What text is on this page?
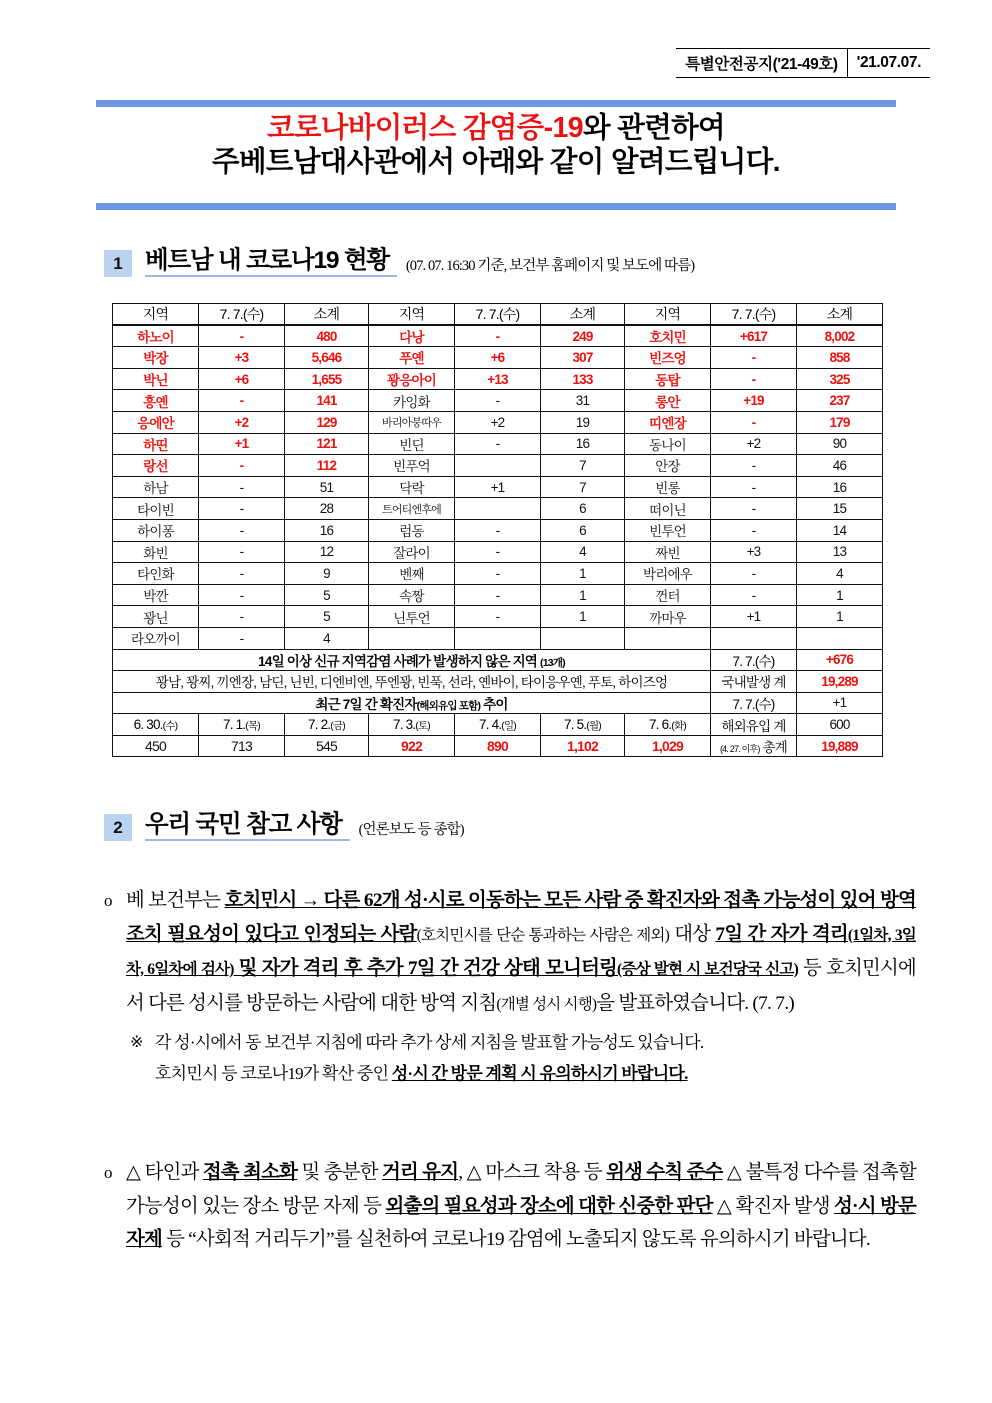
특별안전공지('21-49호)	'21.07.07.
코로나바이러스 감염증-19와 관련하여
주베트남대사관에서 아래와 같이 알려드립니다.
1 베트남 내 코로나19 현황	(07. 07. 16:30 기준, 보건부 홈페이지 및 보도에 따름)
지역	7. 7.(수)	소계	지역	7. 7.(수)	소계	지역	7. 7.(수)	소계
하노이	-	480	다낭	-	249	호치민	+617	8,002
박장	+3	5,646	푸옌	+6	307	빈즈엉	-	858
박닌	+6	1,655	꽝응아이	+13	133	동탑	-	325
흥옌	-	141	카잉화	-	31	롱안	+19	237
응에안	+2	129	바리아붕따우	+2	19	띠엔장	-	179
하띤	+1	121	빈딘	-	16	동나이	+2	90
랑선	-	112	빈푸억		7	안장	-	46
하남	-	51	닥락	+1	7	빈롱	-	16
타이빈	-	28	트어티엔후에		6	떠이닌	-	15
하이퐁	-	16	럼동	-	6	빈투언	-	14
화빈	-	12	잘라이	-	4	짜빈	+3	13
타인화	-	9	벤째	-	1	박리에우	-	4
박깐	-	5	속짱	-	1	껀터	-	1
꽝닌	-	5	닌투언	-	1	까마우	+1	1
라오까이	-	4						
14일 이상 신규 지역감염 사례가 발생하지 않은 지역 (13개)							7. 7.(수)	+676
꽝남, 꽝찌, 끼엔장, 남딘, 닌빈, 디엔비엔, 뚜엔꽝, 빈푹, 선라, 옌바이, 타이응우옌, 푸토, 하이즈엉							국내발생 계	19,289
최근 7일 간 확진자(해외유입 포함) 추이							7. 7.(수)	+1
6. 30.(수)	7. 1.(목)	7. 2.(금)	7. 3.(토)	7. 4.(일)	7. 5.(월)	7. 6.(화)	해외유입 계	600
450	713	545	922	890	1,102	1,029	(4. 27. 이후) 총계	19,889
2 우리 국민 참고 사항	(언론보도 등 종합)
o 베 보건부는 호치민시 → 다른 62개 성·시로 이동하는 모든 사람 중 확진자와 접촉 가능성이 있어 방역 조치 필요성이 있다고 인정되는 사람(호치민시를 단순 통과하는 사람은 제외) 대상 7일 간 자가 격리(1일차, 3일차, 6일차에 검사) 및 자가 격리 후 추가 7일 간 건강 상태 모니터링(증상 발현 시 보건당국 신고) 등 호치민시에서 다른 성시를 방문하는 사람에 대한 방역 지침(개별 성시 시행)을 발표하였습니다. (7. 7.)
※ 각 성·시에서 동 보건부 지침에 따라 추가 상세 지침을 발표할 가능성도 있습니다.
호치민시 등 코로나19가 확산 중인 성·시 간 방문 계획 시 유의하시기 바랍니다.
o △ 타인과 접촉 최소화 및 충분한 거리 유지, △ 마스크 착용 등 위생 수칙 준수 △ 불특정 다수를 접촉할 가능성이 있는 장소 방문 자제 등 외출의 필요성과 장소에 대한 신중한 판단 △ 확진자 발생 성·시 방문 자제 등 “사회적 거리두기”를 실천하여 코로나19 감염에 노출되지 않도록 유의하시기 바랍니다.
